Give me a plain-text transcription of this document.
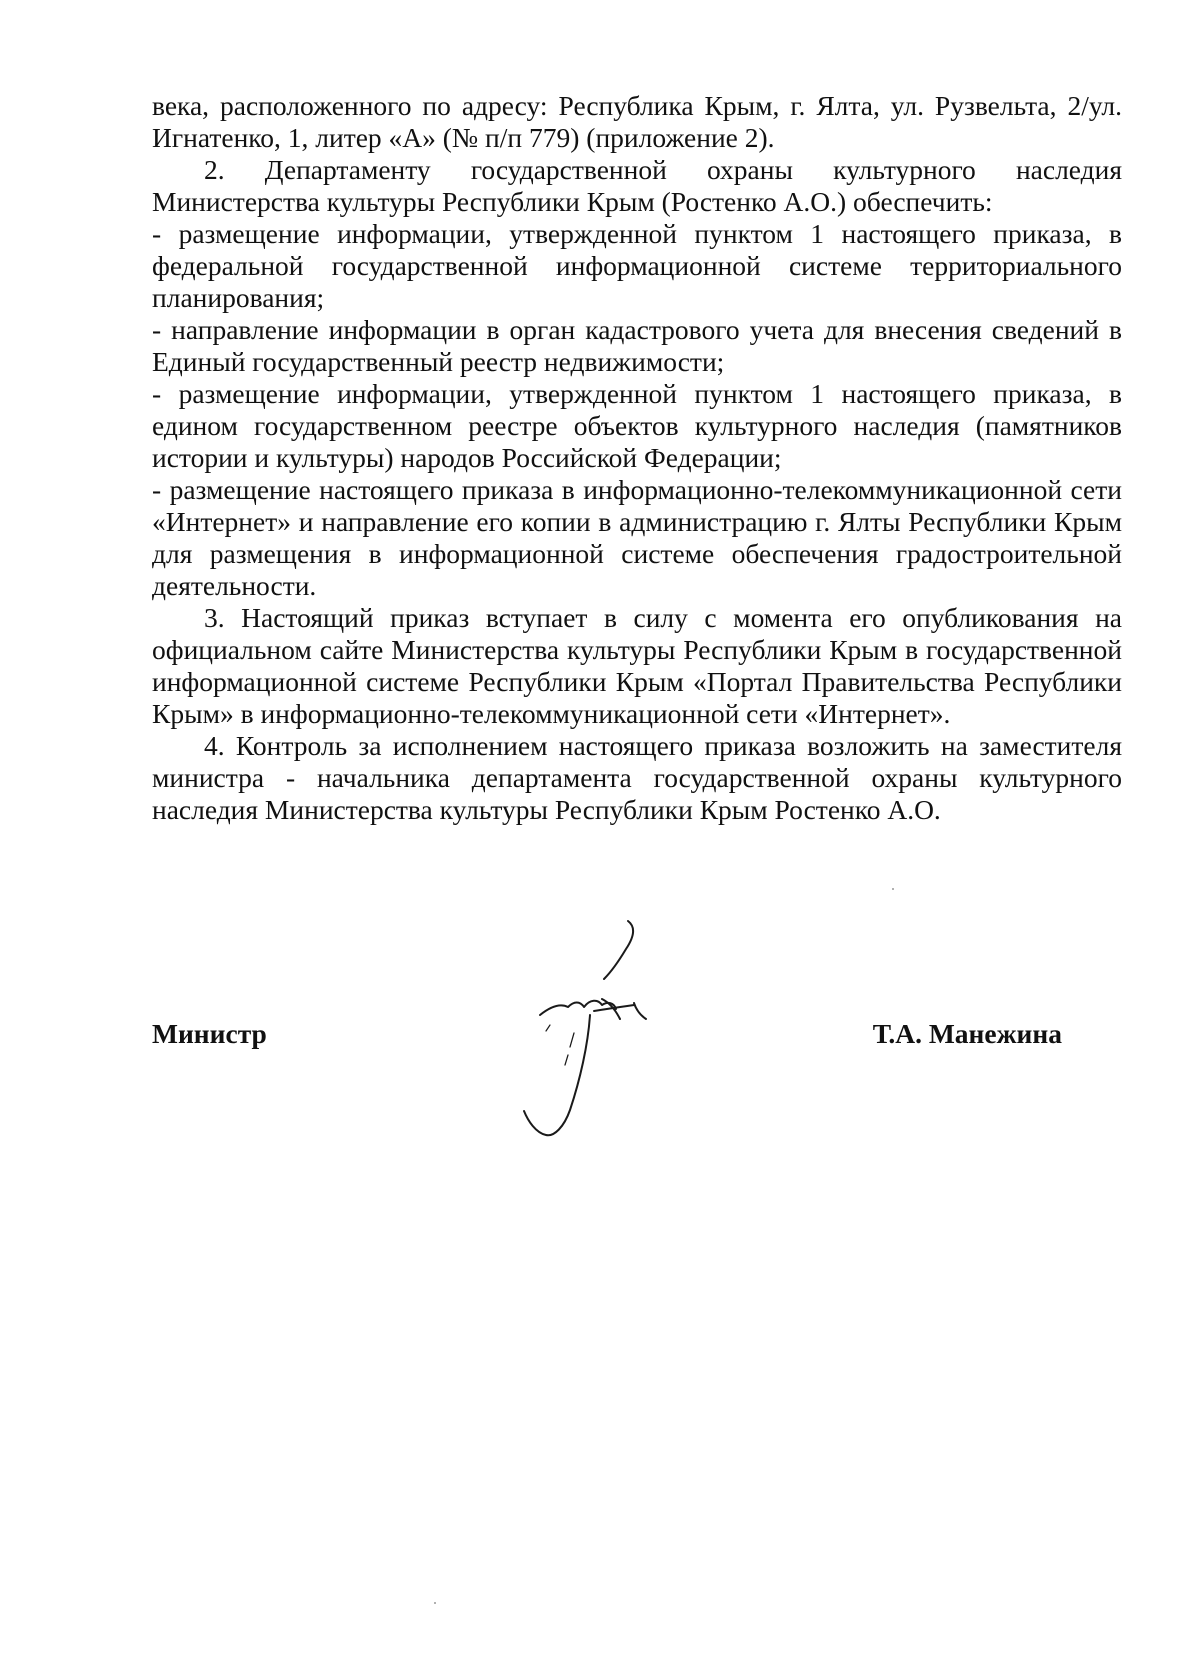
века, расположенного по адресу: Республика Крым, г. Ялта, ул. Рузвельта, 2/ул. Игнатенко, 1, литер «А» (№ п/п 779) (приложение 2).

2. Департаменту государственной охраны культурного наследия Министерства культуры Республики Крым (Ростенко А.О.) обеспечить:

- размещение информации, утвержденной пунктом 1 настоящего приказа, в федеральной государственной информационной системе территориального планирования;

- направление информации в орган кадастрового учета для внесения сведений в Единый государственный реестр недвижимости;

- размещение информации, утвержденной пунктом 1 настоящего приказа, в едином государственном реестре объектов культурного наследия (памятников истории и культуры) народов Российской Федерации;

- размещение настоящего приказа в информационно-телекоммуникационной сети «Интернет» и направление его копии в администрацию г. Ялты Республики Крым для размещения в информационной системе обеспечения градостроительной деятельности.

3. Настоящий приказ вступает в силу с момента его опубликования на официальном сайте Министерства культуры Республики Крым в государственной информационной системе Республики Крым «Портал Правительства Республики Крым» в информационно-телекоммуникационной сети «Интернет».

4. Контроль за исполнением настоящего приказа возложить на заместителя министра - начальника департамента государственной охраны культурного наследия Министерства культуры Республики Крым Ростенко А.О.

Министр	Т.А. Манежина
